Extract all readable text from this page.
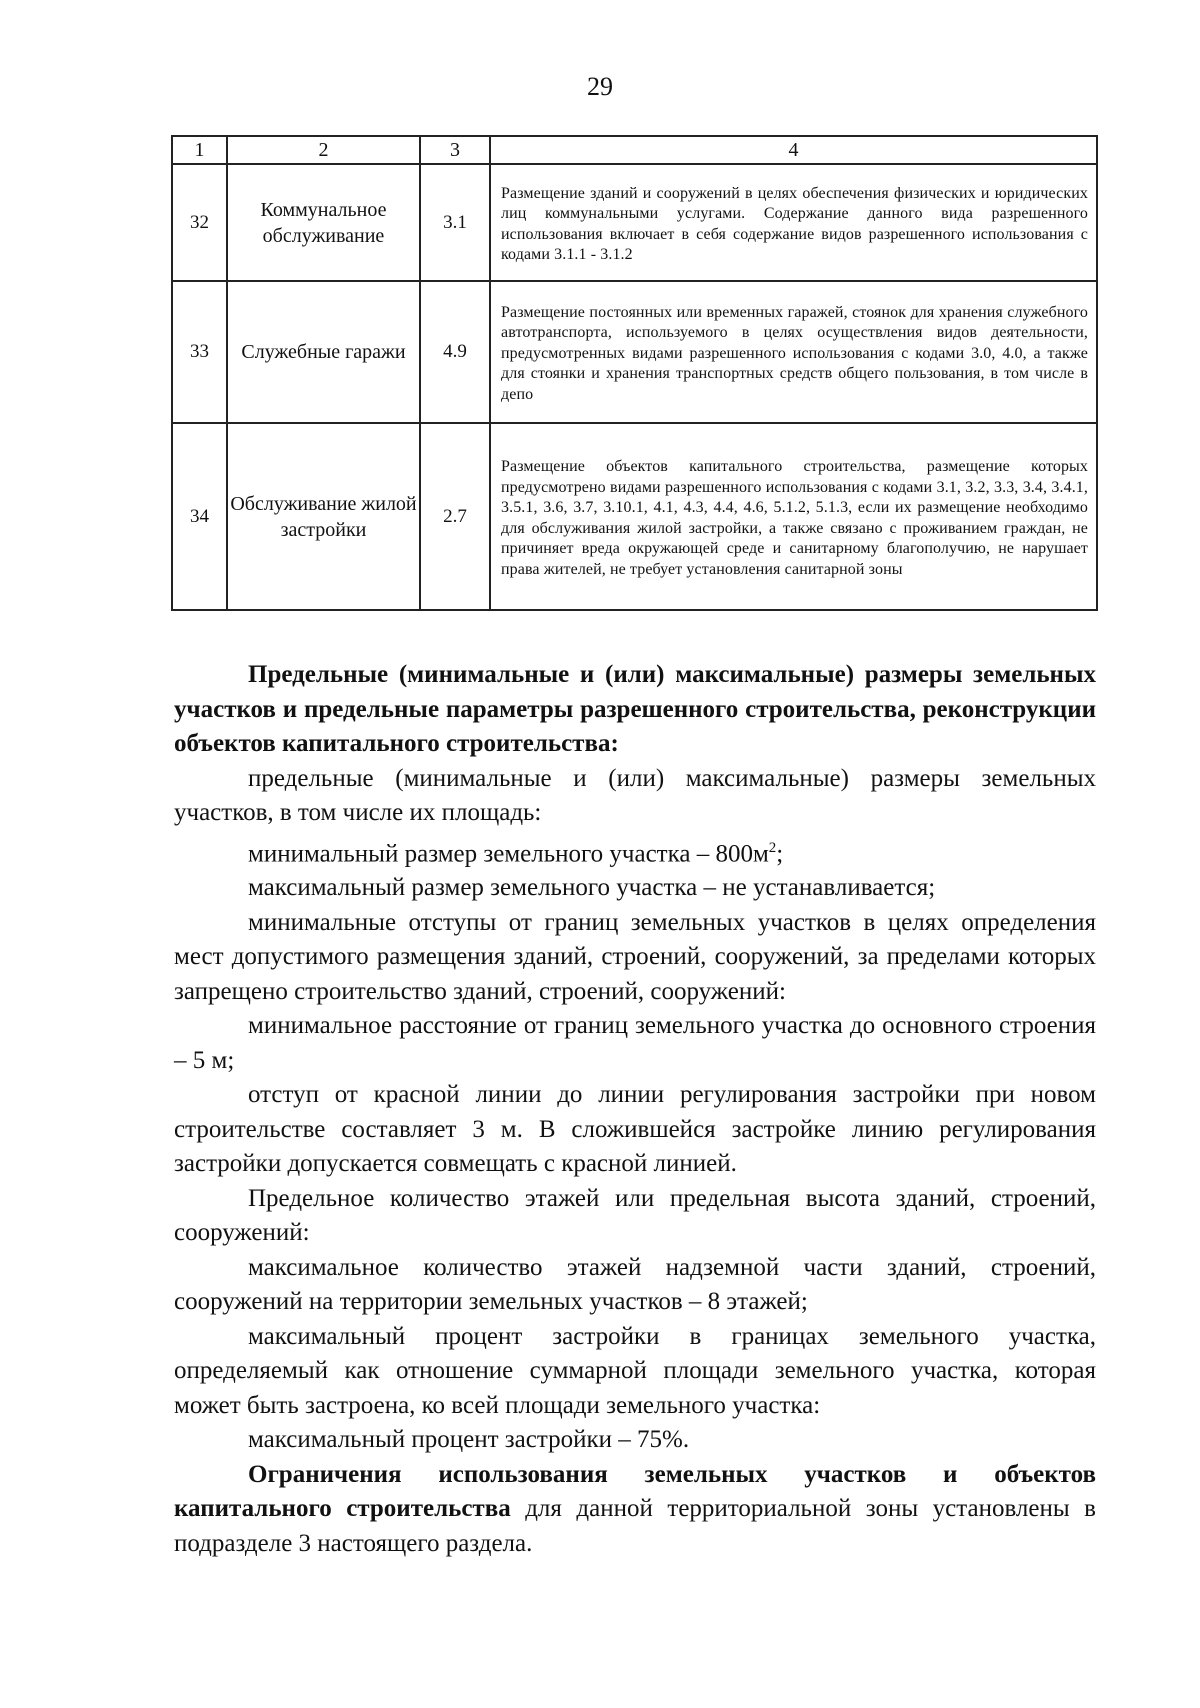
29
1	2	3	4
32	Коммунальное обслуживание	3.1	Размещение зданий и сооружений в целях обеспечения физических и юридических лиц коммунальными услугами. Содержание данного вида разрешенного использования включает в себя содержание видов разрешенного использования с кодами 3.1.1 - 3.1.2
33	Служебные гаражи	4.9	Размещение постоянных или временных гаражей, стоянок для хранения служебного автотранспорта, используемого в целях осуществления видов деятельности, предусмотренных видами разрешенного использования с кодами 3.0, 4.0, а также для стоянки и хранения транспортных средств общего пользования, в том числе в депо
34	Обслуживание жилой застройки	2.7	Размещение объектов капитального строительства, размещение которых предусмотрено видами разрешенного использования с кодами 3.1, 3.2, 3.3, 3.4, 3.4.1, 3.5.1, 3.6, 3.7, 3.10.1, 4.1, 4.3, 4.4, 4.6, 5.1.2, 5.1.3, если их размещение необходимо для обслуживания жилой застройки, а также связано с проживанием граждан, не причиняет вреда окружающей среде и санитарному благополучию, не нарушает права жителей, не требует установления санитарной зоны

Предельные (минимальные и (или) максимальные) размеры земельных участков и предельные параметры разрешенного строительства, реконструкции объектов капитального строительства:

предельные (минимальные и (или) максимальные) размеры земельных участков, в том числе их площадь:

минимальный размер земельного участка – $800м^2$;

максимальный размер земельного участка – не устанавливается;

минимальные отступы от границ земельных участков в целях определения мест допустимого размещения зданий, строений, сооружений, за пределами которых запрещено строительство зданий, строений, сооружений:

минимальное расстояние от границ земельного участка до основного строения – 5 м;

отступ от красной линии до линии регулирования застройки при новом строительстве составляет 3 м. В сложившейся застройке линию регулирования застройки допускается совмещать с красной линией.

Предельное количество этажей или предельная высота зданий, строений, сооружений:

максимальное количество этажей надземной части зданий, строений, сооружений на территории земельных участков – 8 этажей;

максимальный процент застройки в границах земельного участка, определяемый как отношение суммарной площади земельного участка, которая может быть застроена, ко всей площади земельного участка:

максимальный процент застройки – 75%.

Ограничения использования земельных участков и объектов капитального строительства для данной территориальной зоны установлены в подразделе 3 настоящего раздела.
